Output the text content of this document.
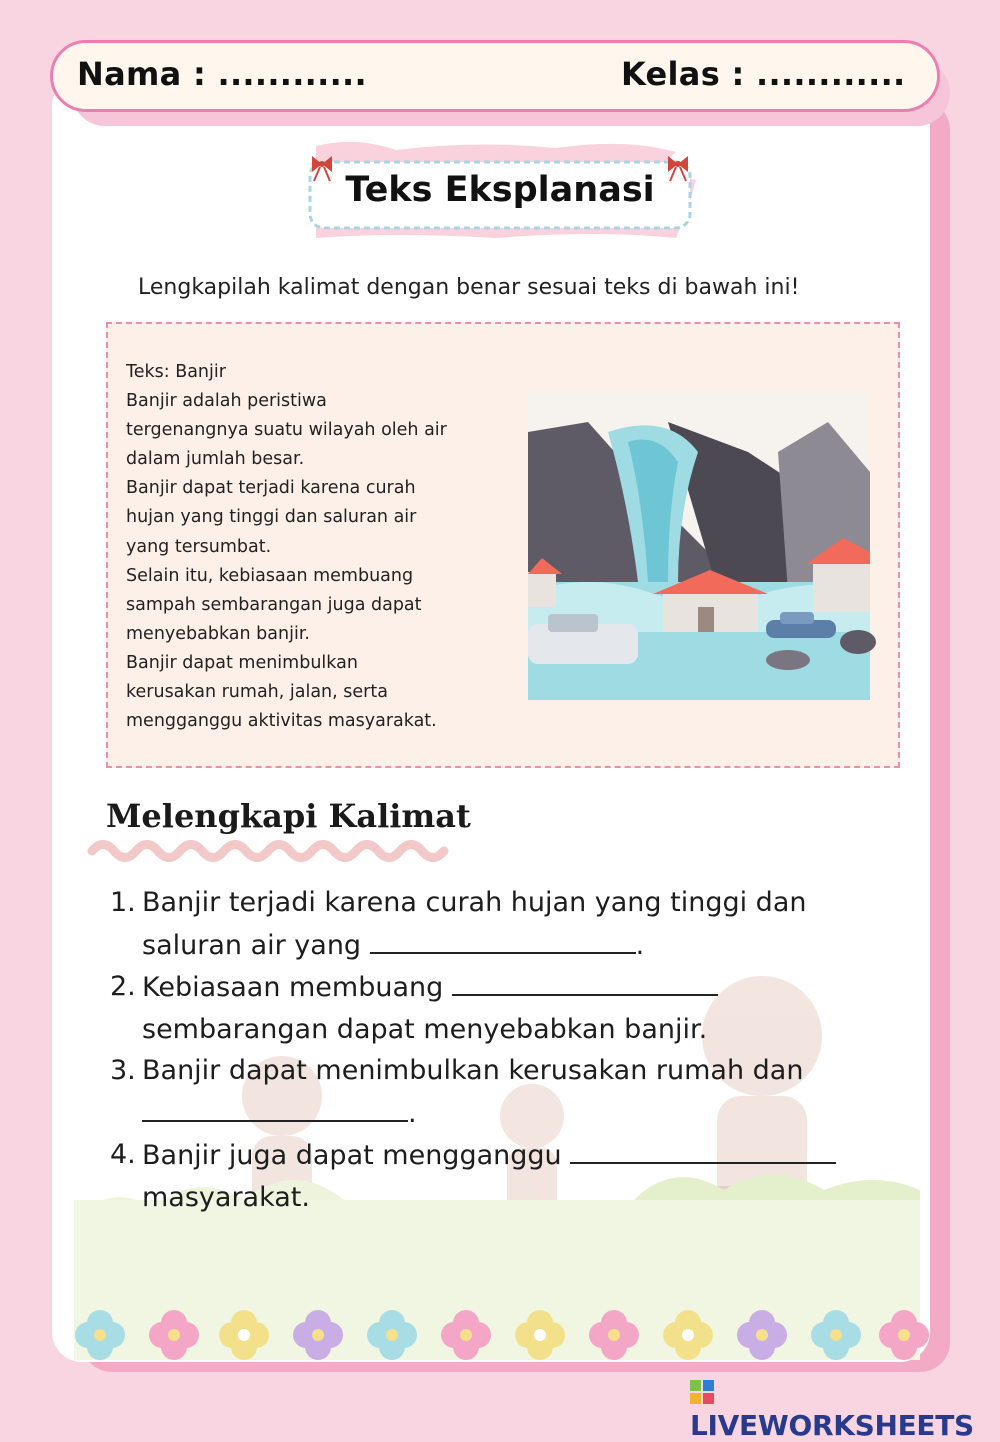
Nama : ............	Kelas : ............
Teks Eksplanasi
Lengkapilah kalimat dengan benar sesuai teks di bawah ini!

Teks: Banjir

Banjir adalah peristiwa

tergenangnya suatu wilayah oleh air

dalam jumlah besar.

Banjir dapat terjadi karena curah

hujan yang tinggi dan saluran air

yang tersumbat.

Selain itu, kebiasaan membuang

sampah sembarangan juga dapat

menyebabkan banjir.

Banjir dapat menimbulkan

kerusakan rumah, jalan, serta

mengganggu aktivitas masyarakat.

Melengkapi Kalimat
1. Banjir terjadi karena curah hujan yang tinggi dan saluran air yang	.
2. Kebiasaan membuang  sembarangan dapat menyebabkan banjir.
3. Banjir dapat menimbulkan kerusakan rumah dan .
4. Banjir juga dapat mengganggu  masyarakat.
LIVEWORKSHEETS
